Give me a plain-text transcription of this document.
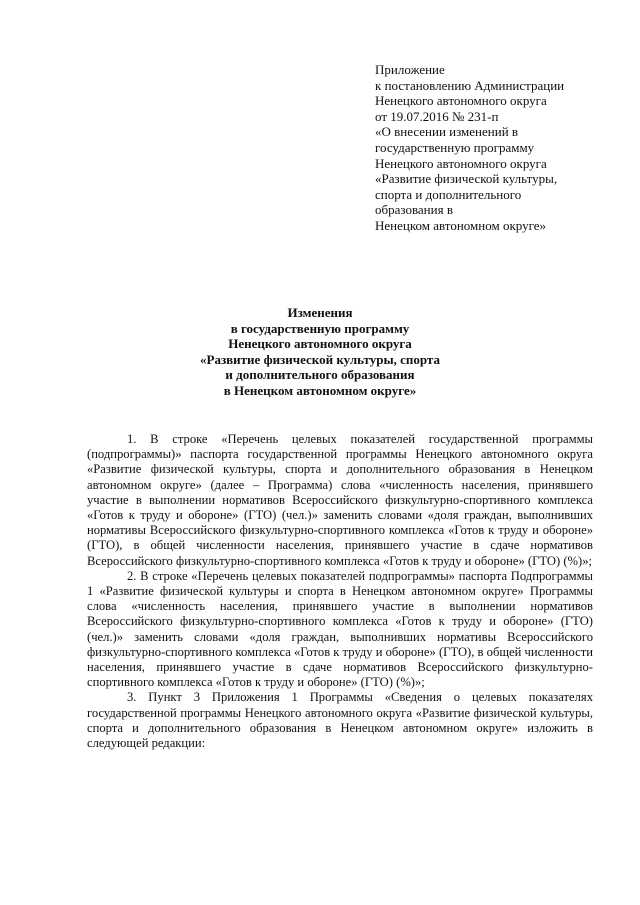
Приложение
к постановлению Администрации
Ненецкого автономного округа
от 19.07.2016 № 231-п
«О внесении изменений в
государственную программу
Ненецкого автономного округа
«Развитие физической культуры,
спорта и дополнительного
образования в
Ненецком автономном округе»
Изменения
в государственную программу
Ненецкого автономного округа
«Развитие физической культуры, спорта
и дополнительного образования
в Ненецком автономном округе»

1. В строке «Перечень целевых показателей государственной программы (подпрограммы)» паспорта государственной программы Ненецкого автономного округа «Развитие физической культуры, спорта и дополнительного образования в Ненецком автономном округе» (далее – Программа) слова «численность населения, принявшего участие в выполнении нормативов Всероссийского физкультурно-спортивного комплекса «Готов к труду и обороне» (ГТО) (чел.)» заменить словами «доля граждан, выполнивших нормативы Всероссийского физкультурно-спортивного комплекса «Готов к труду и обороне» (ГТО), в общей численности населения, принявшего участие в сдаче нормативов Всероссийского физкультурно-спортивного комплекса «Готов к труду и обороне» (ГТО) (%)»;

2. В строке «Перечень целевых показателей подпрограммы» паспорта Подпрограммы 1 «Развитие физической культуры и спорта в Ненецком автономном округе» Программы слова «численность населения, принявшего участие в выполнении нормативов Всероссийского физкультурно-спортивного комплекса «Готов к труду и обороне» (ГТО) (чел.)» заменить словами «доля граждан, выполнивших нормативы Всероссийского физкультурно-спортивного комплекса «Готов к труду и обороне» (ГТО), в общей численности населения, принявшего участие в сдаче нормативов Всероссийского физкультурно-спортивного комплекса «Готов к труду и обороне» (ГТО) (%)»;

3. Пункт 3 Приложения 1 Программы «Сведения о целевых показателях государственной программы Ненецкого автономного округа «Развитие физической культуры, спорта и дополнительного образования в Ненецком автономном округе» изложить в следующей редакции:
